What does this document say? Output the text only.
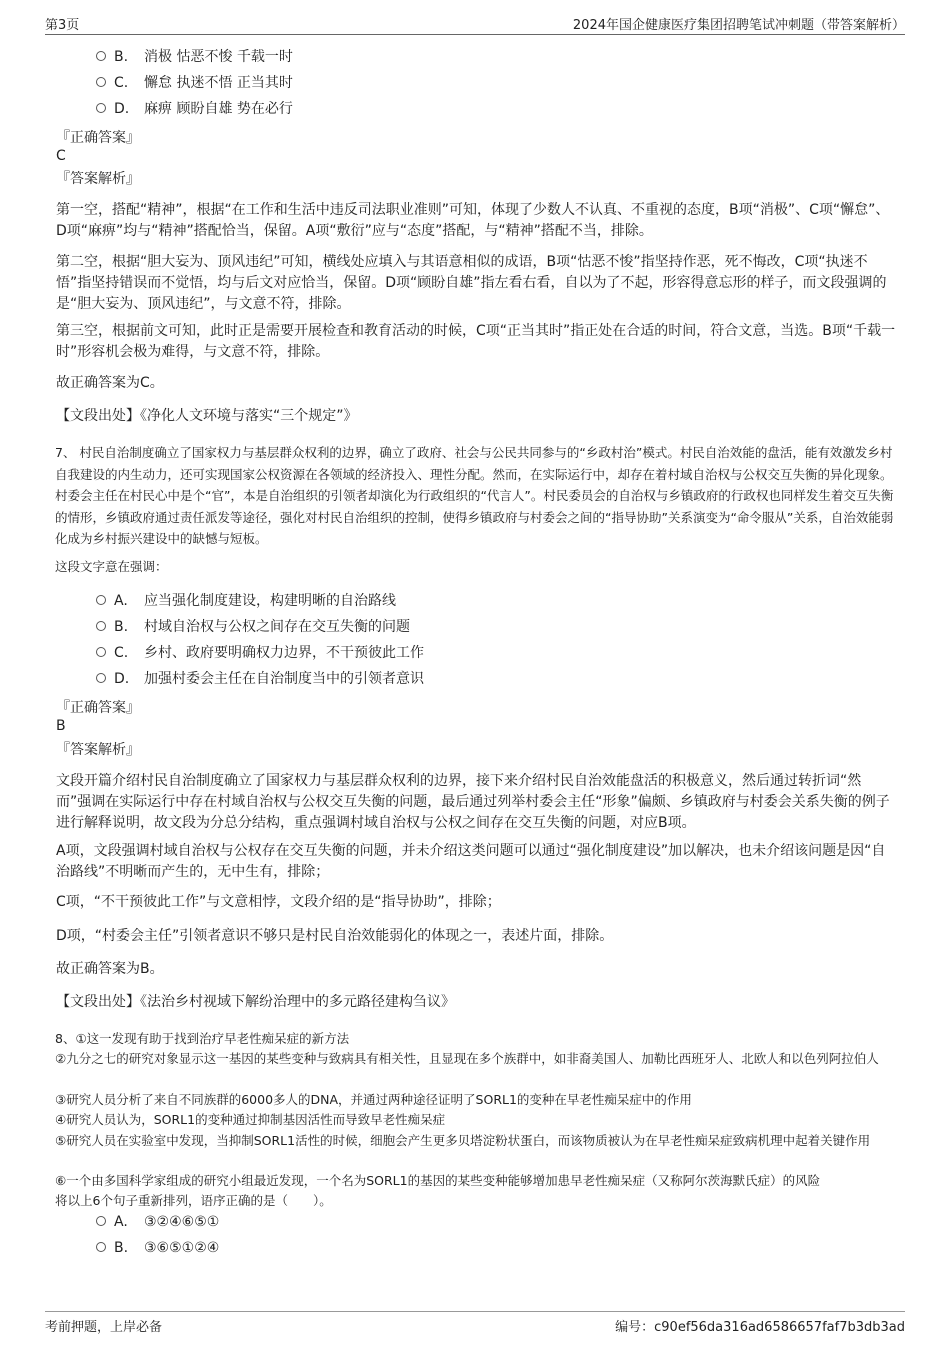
第3页	2024年国企健康医疗集团招聘笔试冲刺题（带答案解析）
B. 消极 怙恶不悛 千载一时
C. 懈怠 执迷不悟 正当其时
D. 麻痹 顾盼自雄 势在必行
『正确答案』
C
『答案解析』
第一空，搭配“精神”，根据“在工作和生活中违反司法职业准则”可知，体现了少数人不认真、不重视的态度，B项“消极”、C项“懈怠”、D项“麻痹”均与“精神”搭配恰当，保留。A项“敷衍”应与“态度”搭配，与“精神”搭配不当，排除。
第二空，根据“胆大妄为、顶风违纪”可知，横线处应填入与其语意相似的成语，B项“怙恶不悛”指坚持作恶，死不悔改，C项“执迷不悟”指坚持错误而不觉悟，均与后文对应恰当，保留。D项“顾盼自雄”指左看右看，自以为了不起，形容得意忘形的样子，而文段强调的是“胆大妄为、顶风违纪”，与文意不符，排除。
第三空，根据前文可知，此时正是需要开展检查和教育活动的时候，C项“正当其时”指正处在合适的时间，符合文意，当选。B项“千载一时”形容机会极为难得，与文意不符，排除。
故正确答案为C。
【文段出处】《净化人文环境与落实“三个规定”》
7、 村民自治制度确立了国家权力与基层群众权利的边界，确立了政府、社会与公民共同参与的“乡政村治”模式。村民自治效能的盘活，能有效激发乡村自我建设的内生动力，还可实现国家公权资源在各领域的经济投入、理性分配。然而，在实际运行中，却存在着村域自治权与公权交互失衡的异化现象。村委会主任在村民心中是个“官”，本是自治组织的引领者却演化为行政组织的“代言人”。村民委员会的自治权与乡镇政府的行政权也同样发生着交互失衡的情形，乡镇政府通过责任派发等途径，强化对村民自治组织的控制，使得乡镇政府与村委会之间的“指导协助”关系演变为“命令服从”关系，自治效能弱化成为乡村振兴建设中的缺憾与短板。
这段文字意在强调：
A. 应当强化制度建设，构建明晰的自治路线
B. 村域自治权与公权之间存在交互失衡的问题
C. 乡村、政府要明确权力边界，不干预彼此工作
D. 加强村委会主任在自治制度当中的引领者意识
『正确答案』
B
『答案解析』
文段开篇介绍村民自治制度确立了国家权力与基层群众权利的边界，接下来介绍村民自治效能盘活的积极意义，然后通过转折词“然而”强调在实际运行中存在村域自治权与公权交互失衡的问题，最后通过列举村委会主任“形象”偏颇、乡镇政府与村委会关系失衡的例子进行解释说明，故文段为分总分结构，重点强调村域自治权与公权之间存在交互失衡的问题，对应B项。
A项，文段强调村域自治权与公权存在交互失衡的问题，并未介绍这类问题可以通过“强化制度建设”加以解决，也未介绍该问题是因“自治路线”不明晰而产生的，无中生有，排除；
C项，“不干预彼此工作”与文意相悖，文段介绍的是“指导协助”，排除；
D项，“村委会主任”引领者意识不够只是村民自治效能弱化的体现之一，表述片面，排除。
故正确答案为B。
【文段出处】《法治乡村视域下解纷治理中的多元路径建构刍议》
8、①这一发现有助于找到治疗早老性痴呆症的新方法
②九分之七的研究对象显示这一基因的某些变种与致病具有相关性，且显现在多个族群中，如非裔美国人、加勒比西班牙人、北欧人和以色列阿拉伯人
③研究人员分析了来自不同族群的6000多人的DNA，并通过两种途径证明了SORL1的变种在早老性痴呆症中的作用
④研究人员认为，SORL1的变种通过抑制基因活性而导致早老性痴呆症
⑤研究人员在实验室中发现，当抑制SORL1活性的时候，细胞会产生更多贝塔淀粉状蛋白，而该物质被认为在早老性痴呆症致病机理中起着关键作用
⑥一个由多国科学家组成的研究小组最近发现，一个名为SORL1的基因的某些变种能够增加患早老性痴呆症（又称阿尔茨海默氏症）的风险
将以上6个句子重新排列，语序正确的是（　　）。
A. ③②④⑥⑤①
B. ③⑥⑤①②④
考前押题，上岸必备	编号：c90ef56da316ad6586657faf7b3db3ad
